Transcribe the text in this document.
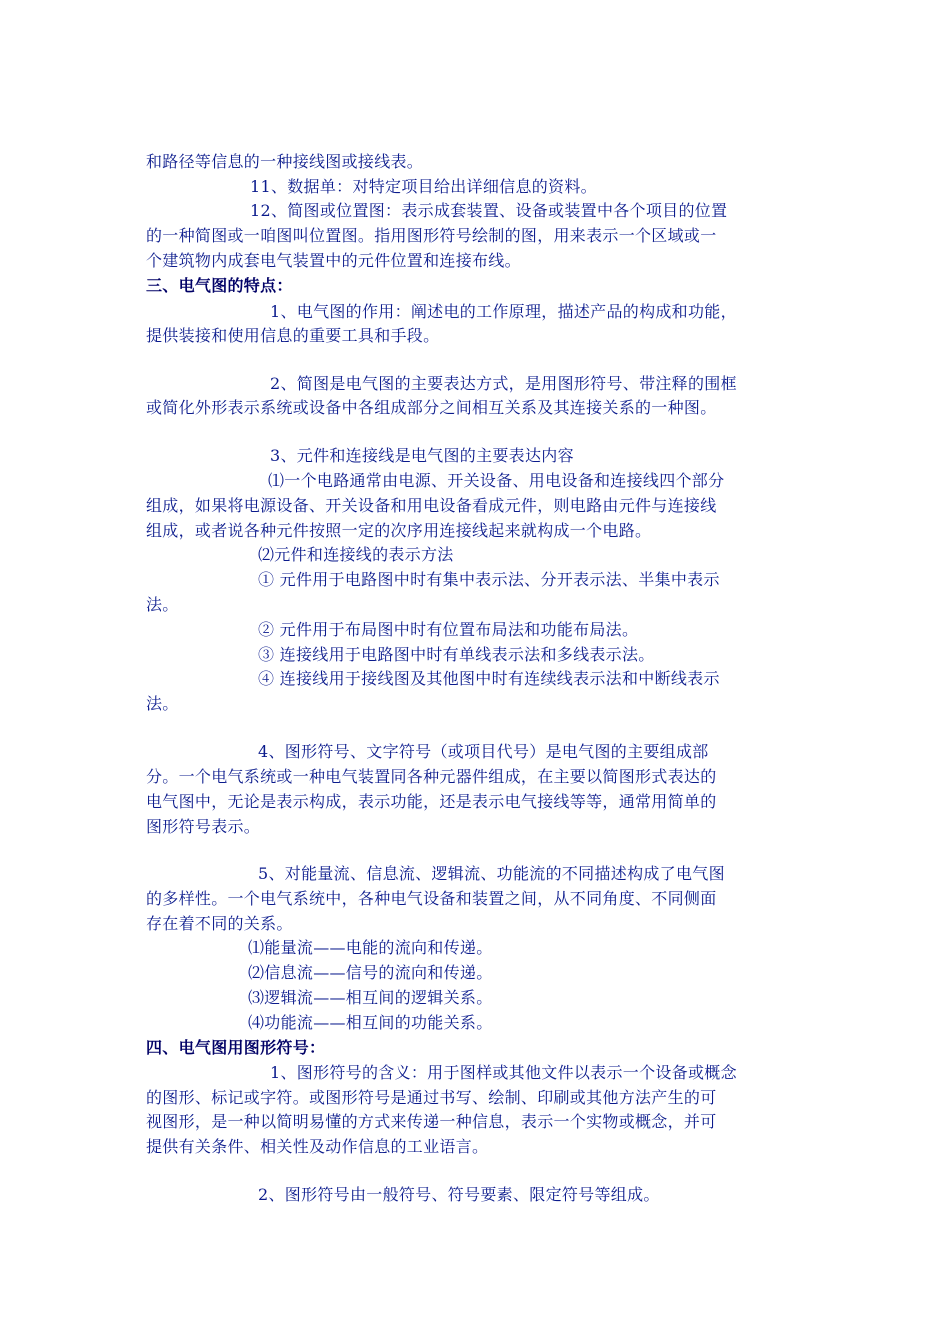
和路径等信息的一种接线图或接线表。
11、数据单：对特定项目给出详细信息的资料。
12、简图或位置图：表示成套装置、设备或装置中各个项目的位置
的一种简图或一咱图叫位置图。指用图形符号绘制的图，用来表示一个区域或一
个建筑物内成套电气装置中的元件位置和连接布线。
三、电气图的特点：
1、电气图的作用：阐述电的工作原理，描述产品的构成和功能，
提供装接和使用信息的重要工具和手段。
2、简图是电气图的主要表达方式，是用图形符号、带注释的围框
或简化外形表示系统或设备中各组成部分之间相互关系及其连接关系的一种图。
3、元件和连接线是电气图的主要表达内容
⑴一个电路通常由电源、开关设备、用电设备和连接线四个部分
组成，如果将电源设备、开关设备和用电设备看成元件，则电路由元件与连接线
组成，或者说各种元件按照一定的次序用连接线起来就构成一个电路。
⑵元件和连接线的表示方法
① 元件用于电路图中时有集中表示法、分开表示法、半集中表示
法。
② 元件用于布局图中时有位置布局法和功能布局法。
③ 连接线用于电路图中时有单线表示法和多线表示法。
④ 连接线用于接线图及其他图中时有连续线表示法和中断线表示
法。
4、图形符号、文字符号（或项目代号）是电气图的主要组成部
分。一个电气系统或一种电气装置同各种元器件组成，在主要以简图形式表达的
电气图中，无论是表示构成，表示功能，还是表示电气接线等等，通常用简单的
图形符号表示。
5、对能量流、信息流、逻辑流、功能流的不同描述构成了电气图
的多样性。一个电气系统中，各种电气设备和装置之间，从不同角度、不同侧面
存在着不同的关系。
⑴能量流——电能的流向和传递。
⑵信息流——信号的流向和传递。
⑶逻辑流——相互间的逻辑关系。
⑷功能流——相互间的功能关系。
四、电气图用图形符号：
1、图形符号的含义：用于图样或其他文件以表示一个设备或概念
的图形、标记或字符。或图形符号是通过书写、绘制、印刷或其他方法产生的可
视图形，是一种以简明易懂的方式来传递一种信息，表示一个实物或概念，并可
提供有关条件、相关性及动作信息的工业语言。
2、图形符号由一般符号、符号要素、限定符号等组成。
